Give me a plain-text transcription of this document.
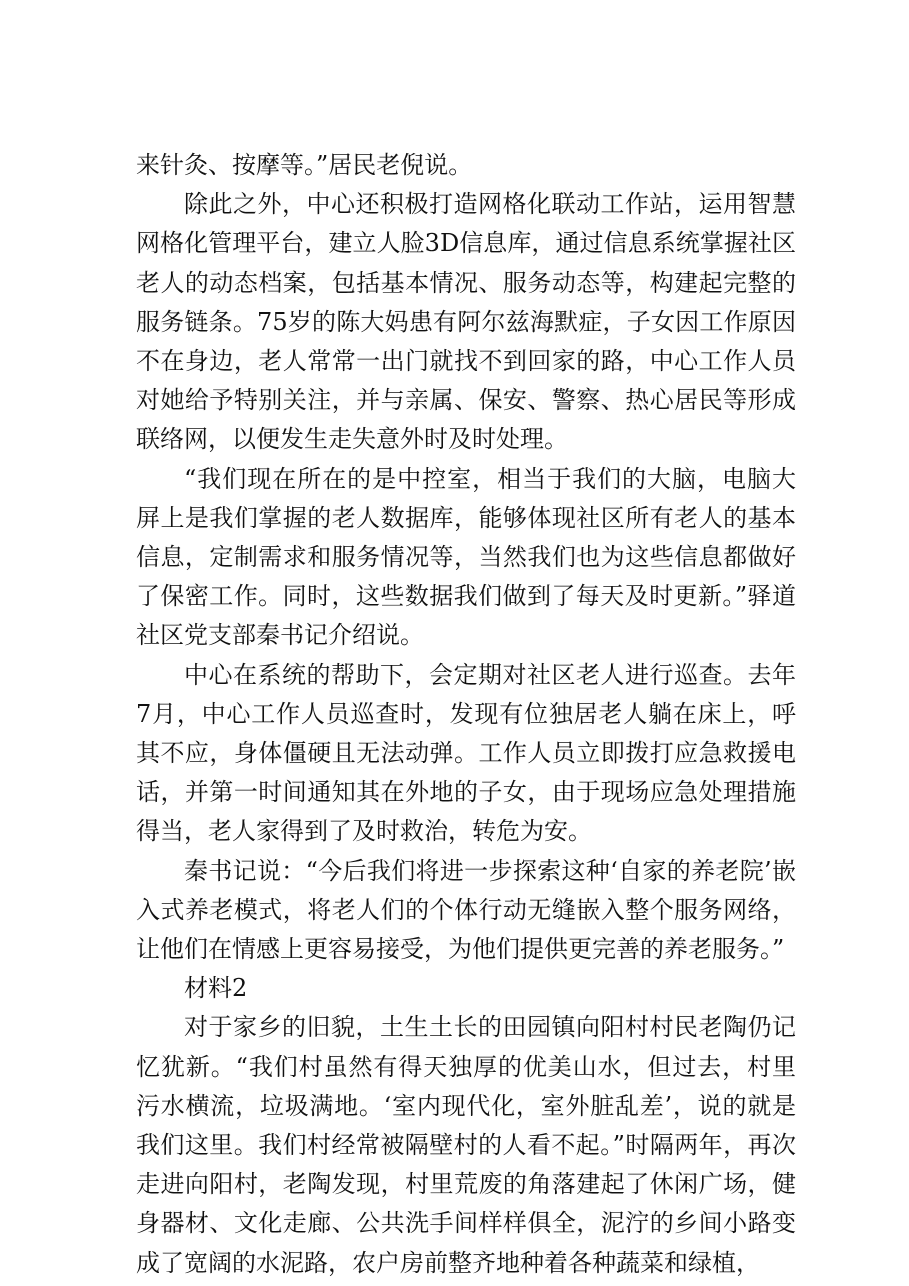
来针灸、按摩等。”居民老倪说。

除此之外，中心还积极打造网格化联动工作站，运用智慧网格化管理平台，建立人脸3D信息库，通过信息系统掌握社区老人的动态档案，包括基本情况、服务动态等，构建起完整的服务链条。75岁的陈大妈患有阿尔兹海默症，子女因工作原因不在身边，老人常常一出门就找不到回家的路，中心工作人员对她给予特别关注，并与亲属、保安、警察、热心居民等形成联络网，以便发生走失意外时及时处理。

“我们现在所在的是中控室，相当于我们的大脑，电脑大屏上是我们掌握的老人数据库，能够体现社区所有老人的基本信息，定制需求和服务情况等，当然我们也为这些信息都做好了保密工作。同时，这些数据我们做到了每天及时更新。”驿道社区党支部秦书记介绍说。

中心在系统的帮助下，会定期对社区老人进行巡查。去年7月，中心工作人员巡查时，发现有位独居老人躺在床上，呼其不应，身体僵硬且无法动弹。工作人员立即拨打应急救援电话，并第一时间通知其在外地的子女，由于现场应急处理措施得当，老人家得到了及时救治，转危为安。

秦书记说：“今后我们将进一步探索这种‘自家的养老院’嵌入式养老模式，将老人们的个体行动无缝嵌入整个服务网络，让他们在情感上更容易接受，为他们提供更完善的养老服务。”

材料2

对于家乡的旧貌，土生土长的田园镇向阳村村民老陶仍记忆犹新。“我们村虽然有得天独厚的优美山水，但过去，村里污水横流，垃圾满地。‘室内现代化，室外脏乱差’，说的就是我们这里。我们村经常被隔壁村的人看不起。”时隔两年，再次走进向阳村，老陶发现，村里荒废的角落建起了休闲广场，健身器材、文化走廊、公共洗手间样样俱全，泥泞的乡间小路变成了宽阔的水泥路，农户房前整齐地种着各种蔬菜和绿植，
